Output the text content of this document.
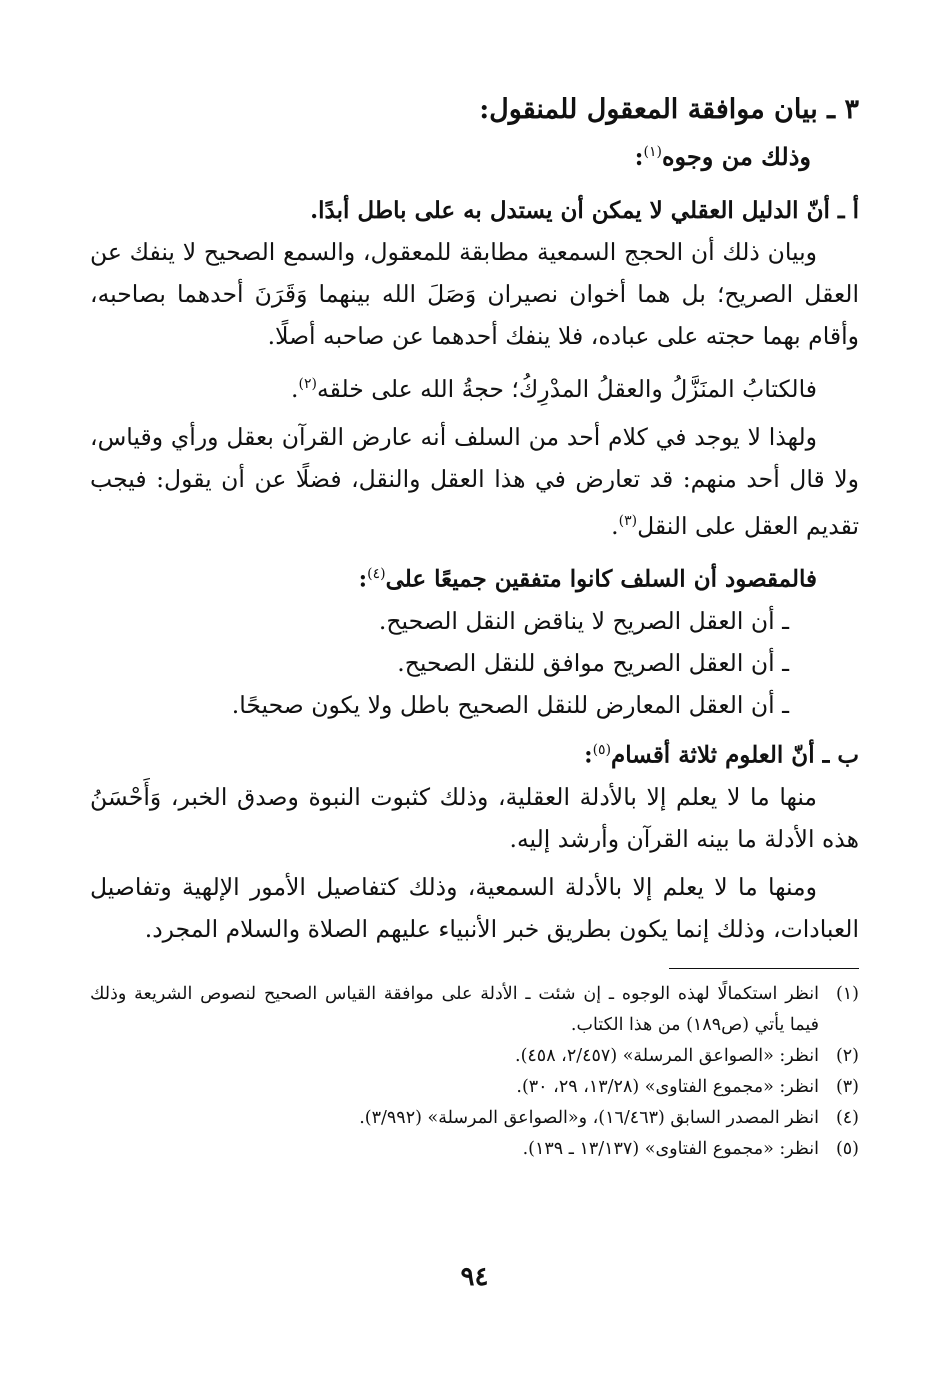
٣ ـ بيان موافقة المعقول للمنقول:

وذلك من وجوه$^{(١)}$:

أ ـ أنّ الدليل العقلي لا يمكن أن يستدل به على باطل أبدًا.

وبيان ذلك أن الحجج السمعية مطابقة للمعقول، والسمع الصحيح لا ينفك عن العقل الصريح؛ بل هما أخوان نصيران وَصَلَ الله بينهما وَقَرَنَ أحدهما بصاحبه، وأقام بهما حجته على عباده، فلا ينفك أحدهما عن صاحبه أصلًا.

فالكتابُ المنَزَّلُ والعقلُ المدْرِكُ؛ حجةُ الله على خلقه$^{(٢)}$.

ولهذا لا يوجد في كلام أحد من السلف أنه عارض القرآن بعقل ورأي وقياس، ولا قال أحد منهم: قد تعارض في هذا العقل والنقل، فضلًا عن أن يقول: فيجب تقديم العقل على النقل$^{(٣)}$.

فالمقصود أن السلف كانوا متفقين جميعًا على$^{(٤)}$:

ـ أن العقل الصريح لا يناقض النقل الصحيح.

ـ أن العقل الصريح موافق للنقل الصحيح.

ـ أن العقل المعارض للنقل الصحيح باطل ولا يكون صحيحًا.

ب ـ أنّ العلوم ثلاثة أقسام$^{(٥)}$:

منها ما لا يعلم إلا بالأدلة العقلية، وذلك كثبوت النبوة وصدق الخبر، وَأَحْسَنُ هذه الأدلة ما بينه القرآن وأرشد إليه.

ومنها ما لا يعلم إلا بالأدلة السمعية، وذلك كتفاصيل الأمور الإلهية وتفاصيل العبادات، وذلك إنما يكون بطريق خبر الأنبياء عليهم الصلاة والسلام المجرد.

(١)
انظر استكمالًا لهذه الوجوه ـ إن شئت ـ الأدلة على موافقة القياس الصحيح لنصوص الشريعة وذلك فيما يأتي (ص١٨٩) من هذا الكتاب.

(٢)
انظر: «الصواعق المرسلة» (٢/٤٥٧، ٤٥٨).

(٣)
انظر: «مجموع الفتاوى» (١٣/٢٨، ٢٩، ٣٠).

(٤)
انظر المصدر السابق (١٦/٤٦٣)، و«الصواعق المرسلة» (٣/٩٩٢).

(٥)
انظر: «مجموع الفتاوى» (١٣/١٣٧ ـ ١٣٩).

٩٤
